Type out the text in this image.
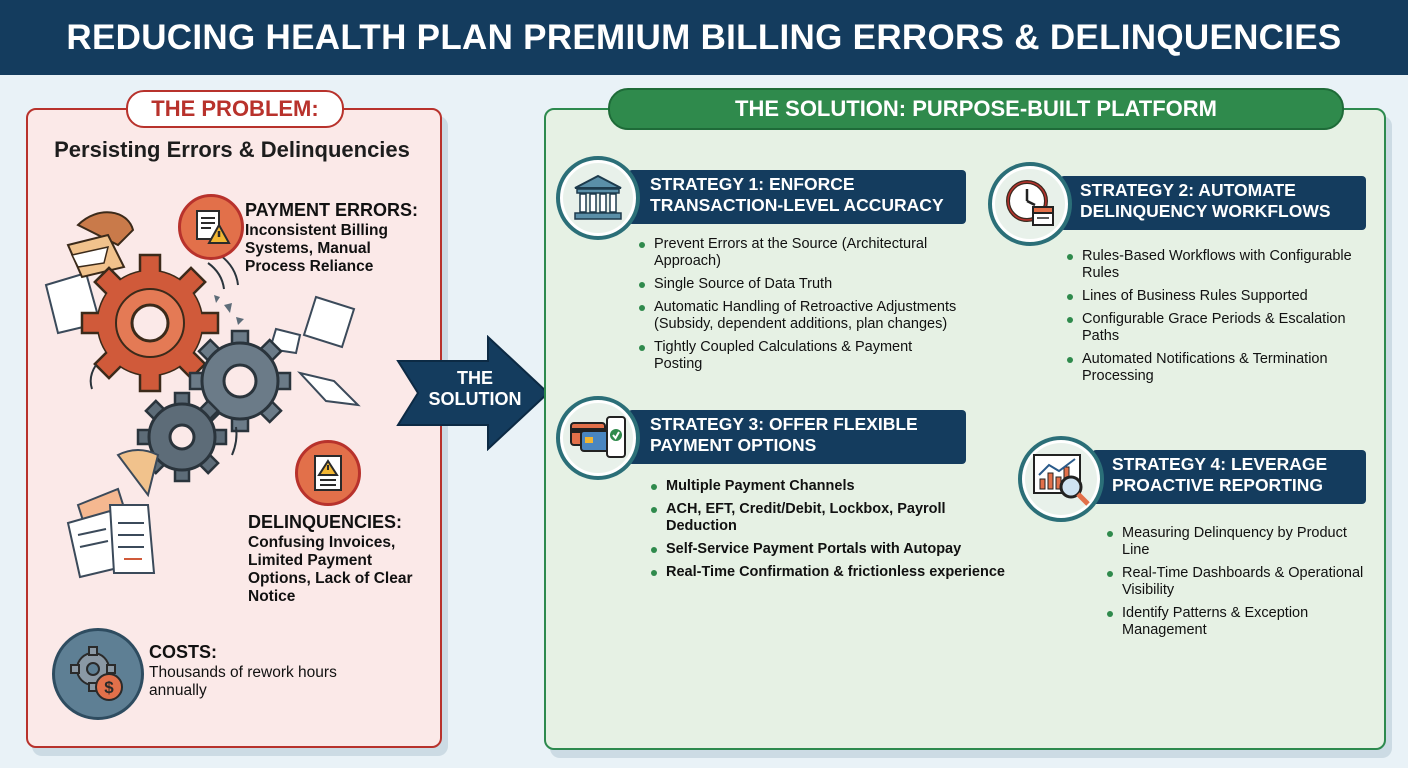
REDUCING HEALTH PLAN PREMIUM BILLING ERRORS & DELINQUENCIES
THE PROBLEM:
Persisting Errors & Delinquencies
PAYMENT ERRORS:
Inconsistent Billing Systems, Manual Process Reliance
DELINQUENCIES:
Confusing Invoices, Limited Payment Options, Lack of Clear Notice
$
COSTS:
Thousands of rework hours annually
THE
SOLUTION
THE SOLUTION: PURPOSE-BUILT PLATFORM
STRATEGY 1: ENFORCE
TRANSACTION-LEVEL ACCURACY
Prevent Errors at the Source (Architectural Approach)
Single Source of Data Truth
Automatic Handling of Retroactive Adjustments (Subsidy, dependent additions, plan changes)
Tightly Coupled Calculations & Payment Posting
STRATEGY 2: AUTOMATE
DELINQUENCY WORKFLOWS
Rules-Based Workflows with Configurable Rules
Lines of Business Rules Supported
Configurable Grace Periods & Escalation Paths
Automated Notifications & Termination Processing
STRATEGY 3: OFFER FLEXIBLE
PAYMENT OPTIONS
Multiple Payment Channels
ACH, EFT, Credit/Debit, Lockbox, Payroll Deduction
Self-Service Payment Portals with Autopay
Real-Time Confirmation & frictionless experience
STRATEGY 4: LEVERAGE
PROACTIVE REPORTING
Measuring Delinquency by Product Line
Real-Time Dashboards & Operational Visibility
Identify Patterns & Exception Management
